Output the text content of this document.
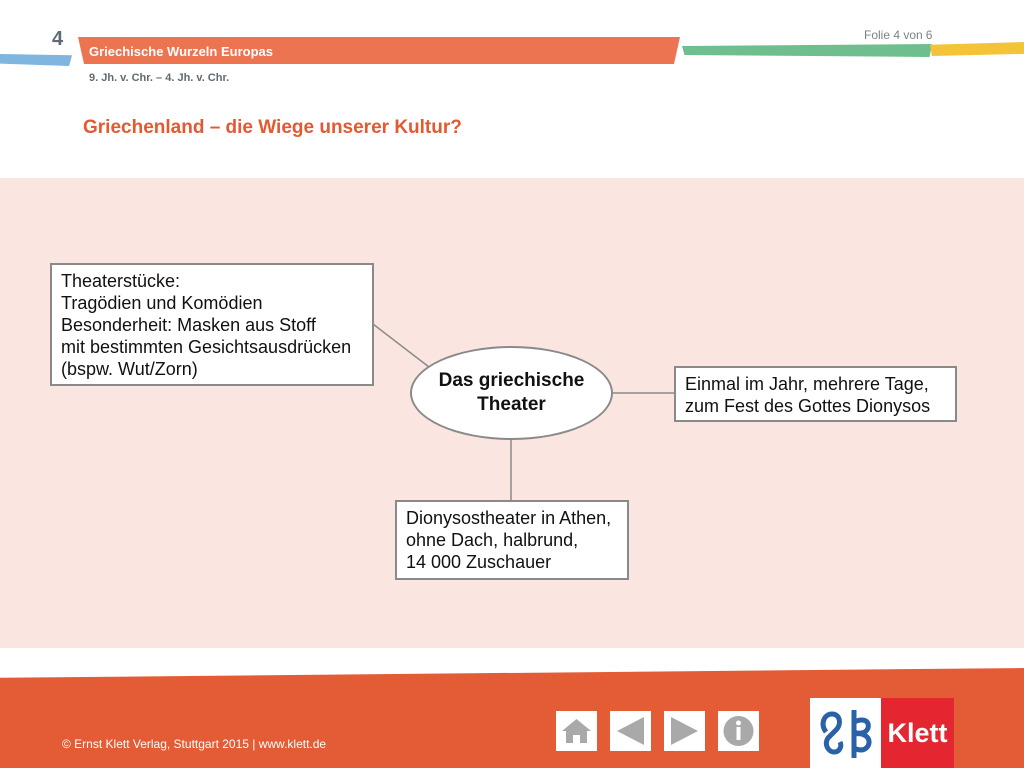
4
Griechische Wurzeln Europas
Folie 4 von 6
9. Jh. v. Chr. – 4. Jh. v. Chr.
Griechenland – die Wiege unserer Kultur?
Theaterstücke:
Tragödien und Komödien
Besonderheit: Masken aus Stoff
mit bestimmten Gesichtsausdrücken
(bspw. Wut/Zorn)
Das griechische
Theater
Einmal im Jahr, mehrere Tage,
zum Fest des Gottes Dionysos
Dionysostheater in Athen,
ohne Dach, halbrund,
14 000 Zuschauer
© Ernst Klett Verlag, Stuttgart 2015 | www.klett.de	Klett
